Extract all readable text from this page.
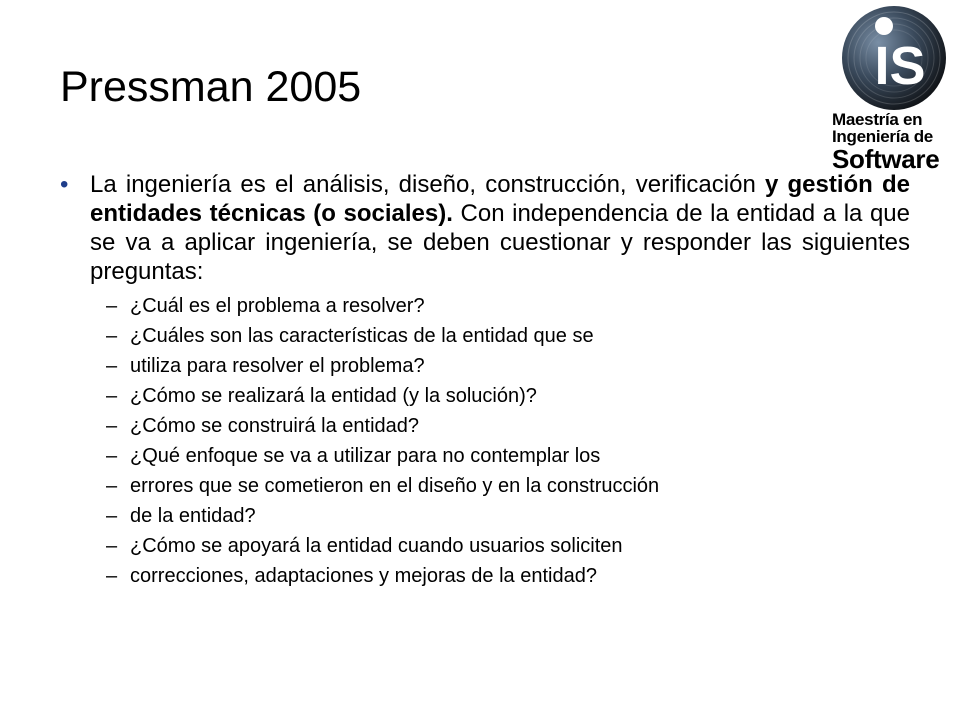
Pressman 2005	IS
Maestría en
Ingeniería de
Software
• La ingeniería es el análisis, diseño, construcción, verificación y gestión de entidades técnicas (o sociales). Con independencia de la entidad a la que se va a aplicar ingeniería, se deben cuestionar y responder las siguientes preguntas:
– ¿Cuál es el problema a resolver?
– ¿Cuáles son las características de la entidad que se
– utiliza para resolver el problema?
– ¿Cómo se realizará la entidad (y la solución)?
– ¿Cómo se construirá la entidad?
– ¿Qué enfoque se va a utilizar para no contemplar los
– errores que se cometieron en el diseño y en la construcción
– de la entidad?
– ¿Cómo se apoyará la entidad cuando usuarios soliciten
– correcciones, adaptaciones y mejoras de la entidad?
